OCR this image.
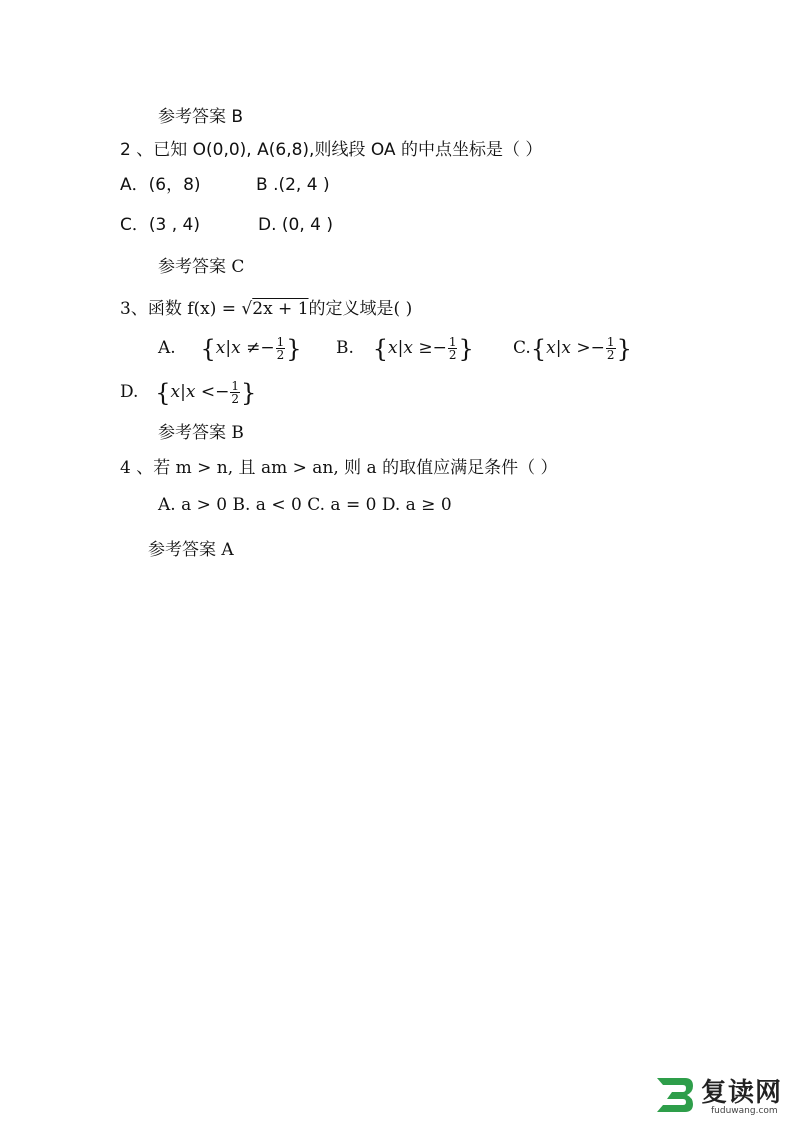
参考答案 B
2 、已知 O(0,0), A(6,8),则线段 OA 的中点坐标是（ ）
A．(6，8)	B .(2, 4 )
C．(3 , 4)	D. (0, 4 )
参考答案 C
3、函数 f(x) = √2x + 1的定义域是( )
A. {$x|x \ne- \frac{1}{2}$ } B. {$x|x \ge- \frac{1}{2}$ } $C.\{x|x >- \frac{1}{2}$ }
D. {$x|x <- \frac{1}{2}$ }
参考答案 B
4 、若 m > n, 且 am > an, 则 a 的取值应满足条件（ ）
A. a > 0 B. a < 0 C. a = 0 D. a ≥ 0
参考答案 A
复读网
fuduwang.com
